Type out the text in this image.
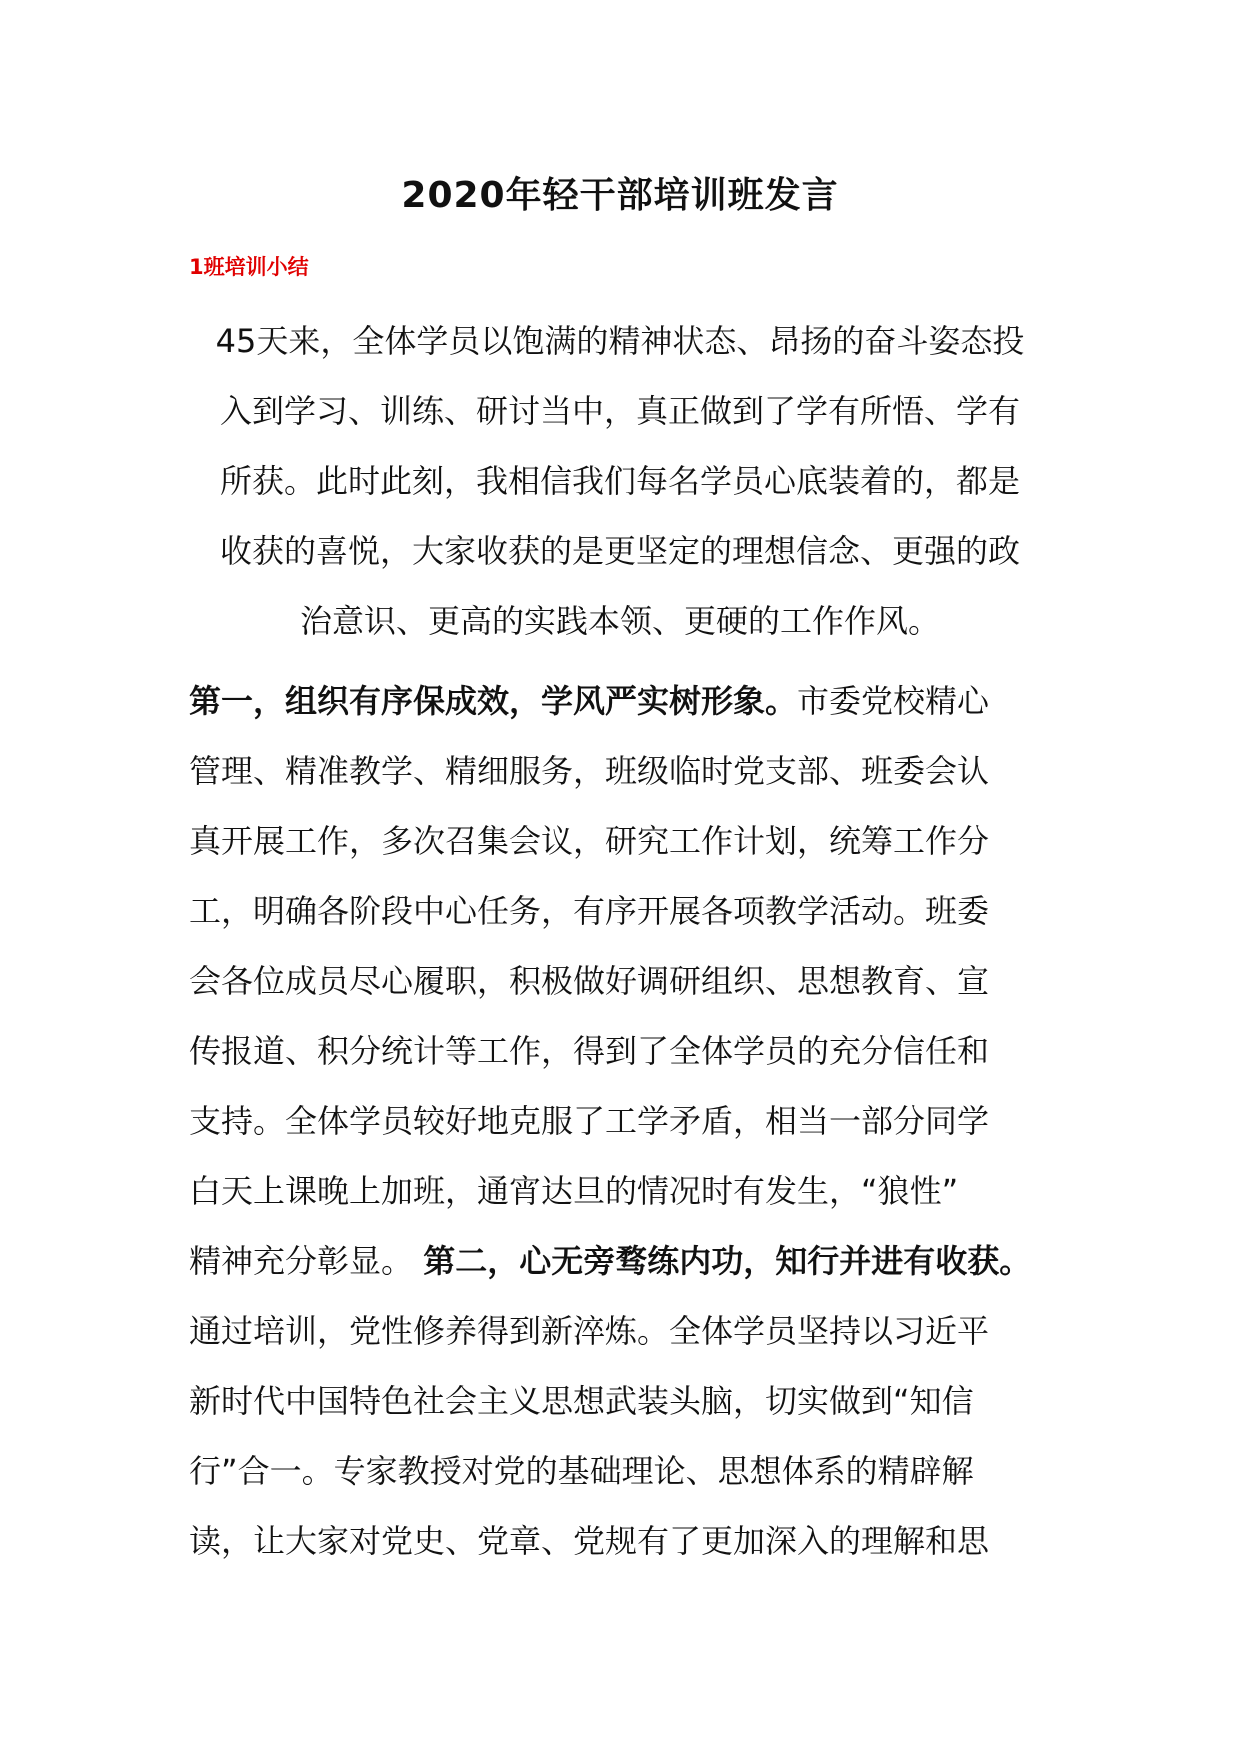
2020年轻干部培训班发言
1班培训小结
45天来，全体学员以饱满的精神状态、昂扬的奋斗姿态投
入到学习、训练、研讨当中，真正做到了学有所悟、学有
所获。此时此刻，我相信我们每名学员心底装着的，都是
收获的喜悦，大家收获的是更坚定的理想信念、更强的政
治意识、更高的实践本领、更硬的工作作风。
第一，组织有序保成效，学风严实树形象。市委党校精心
管理、精准教学、精细服务，班级临时党支部、班委会认
真开展工作，多次召集会议，研究工作计划，统筹工作分
工，明确各阶段中心任务，有序开展各项教学活动。班委
会各位成员尽心履职，积极做好调研组织、思想教育、宣
传报道、积分统计等工作，得到了全体学员的充分信任和
支持。全体学员较好地克服了工学矛盾，相当一部分同学
白天上课晚上加班，通宵达旦的情况时有发生，“狼性”
精神充分彰显。 第二，心无旁骛练内功，知行并进有收获。
通过培训，党性修养得到新淬炼。全体学员坚持以习近平
新时代中国特色社会主义思想武装头脑，切实做到“知信
行”合一。专家教授对党的基础理论、思想体系的精辟解
读，让大家对党史、党章、党规有了更加深入的理解和思
